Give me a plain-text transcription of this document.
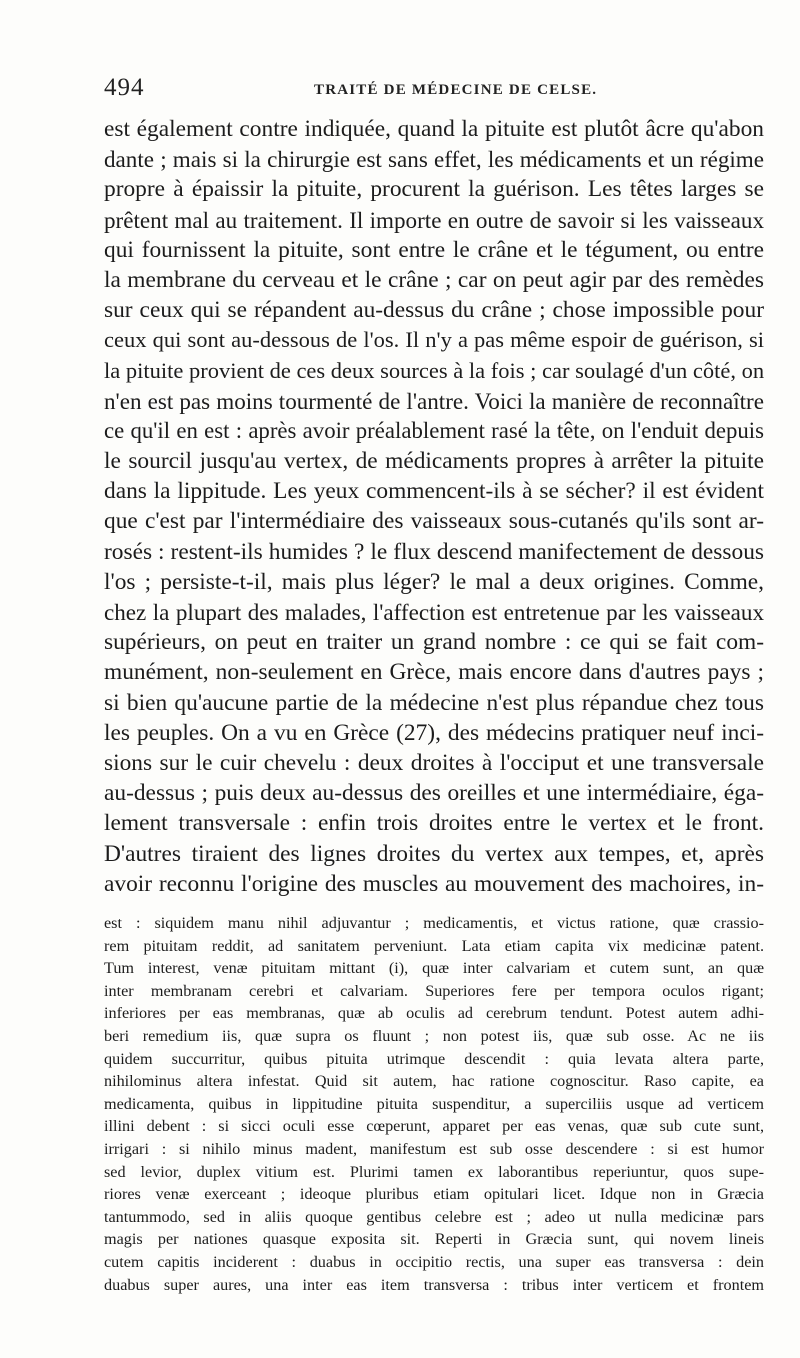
494	TRAITÉ DE MÉDECINE DE CELSE.
est également contre indiquée, quand la pituite est plutôt âcre qu'abon
dante ; mais si la chirurgie est sans effet, les médicaments et un régime
propre à épaissir la pituite, procurent la guérison. Les têtes larges se
prêtent mal au traitement. Il importe en outre de savoir si les vaisseaux
qui fournissent la pituite, sont entre le crâne et le tégument, ou entre
la membrane du cerveau et le crâne ; car on peut agir par des remèdes
sur ceux qui se répandent au-dessus du crâne ; chose impossible pour
ceux qui sont au-dessous de l'os. Il n'y a pas même espoir de guérison, si
la pituite provient de ces deux sources à la fois ; car soulagé d'un côté, on
n'en est pas moins tourmenté de l'antre. Voici la manière de reconnaître
ce qu'il en est : après avoir préalablement rasé la tête, on l'enduit depuis
le sourcil jusqu'au vertex, de médicaments propres à arrêter la pituite
dans la lippitude. Les yeux commencent-ils à se sécher? il est évident
que c'est par l'intermédiaire des vaisseaux sous-cutanés qu'ils sont ar-
rosés : restent-ils humides ? le flux descend manifectement de dessous
l'os ; persiste-t-il, mais plus léger? le mal a deux origines. Comme,
chez la plupart des malades, l'affection est entretenue par les vaisseaux
supérieurs, on peut en traiter un grand nombre : ce qui se fait com-
munément, non-seulement en Grèce, mais encore dans d'autres pays ;
si bien qu'aucune partie de la médecine n'est plus répandue chez tous
les peuples. On a vu en Grèce (27), des médecins pratiquer neuf inci-
sions sur le cuir chevelu : deux droites à l'occiput et une transversale
au-dessus ; puis deux au-dessus des oreilles et une intermédiaire, éga-
lement transversale : enfin trois droites entre le vertex et le front.
D'autres tiraient des lignes droites du vertex aux tempes, et, après
avoir reconnu l'origine des muscles au mouvement des machoires, in-
est : siquidem manu nihil adjuvantur ; medicamentis, et victus ratione, quæ crassio-
rem pituitam reddit, ad sanitatem perveniunt. Lata etiam capita vix medicinæ patent.
Tum interest, venæ pituitam mittant (i), quæ inter calvariam et cutem sunt, an quæ
inter membranam cerebri et calvariam. Superiores fere per tempora oculos rigant;
inferiores per eas membranas, quæ ab oculis ad cerebrum tendunt. Potest autem adhi-
beri remedium iis, quæ supra os fluunt ; non potest iis, quæ sub osse. Ac ne iis
quidem succurritur, quibus pituita utrimque descendit : quia levata altera parte,
nihilominus altera infestat. Quid sit autem, hac ratione cognoscitur. Raso capite, ea
medicamenta, quibus in lippitudine pituita suspenditur, a superciliis usque ad verticem
illini debent : si sicci oculi esse cœperunt, apparet per eas venas, quæ sub cute sunt,
irrigari : si nihilo minus madent, manifestum est sub osse descendere : si est humor
sed levior, duplex vitium est. Plurimi tamen ex laborantibus reperiuntur, quos supe-
riores venæ exerceant ; ideoque pluribus etiam opitulari licet. Idque non in Græcia
tantummodo, sed in aliis quoque gentibus celebre est ; adeo ut nulla medicinæ pars
magis per nationes quasque exposita sit. Reperti in Græcia sunt, qui novem lineis
cutem capitis inciderent : duabus in occipitio rectis, una super eas transversa : dein
duabus super aures, una inter eas item transversa : tribus inter verticem et frontem
